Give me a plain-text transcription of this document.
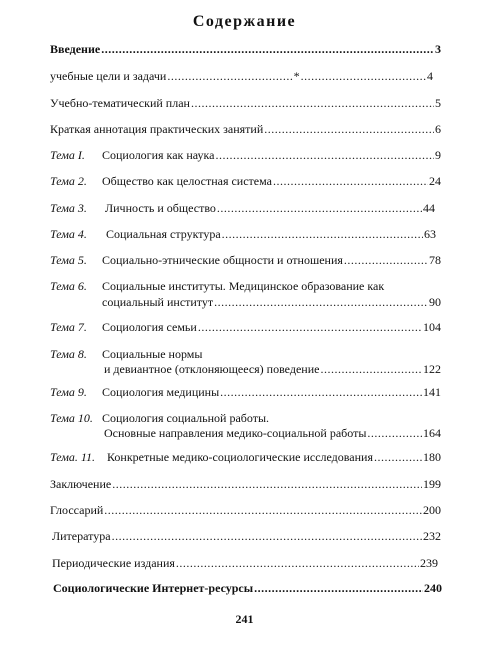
Содержание
Введение .....	3
учебные цели и задачи .....	* .....	4
Учебно-тематический план .....	5
Краткая аннотация практических занятий .....	6
Тема I.	Социология как наука .....	9
Тема 2.	Общество как целостная система .....	24
Тема 3.	Личность и общество .....	44
Тема 4.	Социальная структура .....	63
Тема 5.	Социально-этнические общности и отношения .....	78
Тема 6.	Социальные институты. Медицинское образование как
социальный институт .....	90
Тема 7.	Социология семьи .....	104
Тема 8.	Социальные нормы
и девиантное (отклоняющееся) поведение .....	122
Тема 9.	Социология медицины .....	141
Тема 10. Социология социальной работы.
Основные направления медико-социальной работы .....	164
Тема. 11. Конкретные медико-социологические исследования .....	180
Заключение .....	199
Глоссарий .....	200
Литература .....	232
Периодические издания .....	239
Социологические Интернет-ресурсы .....	240
241
